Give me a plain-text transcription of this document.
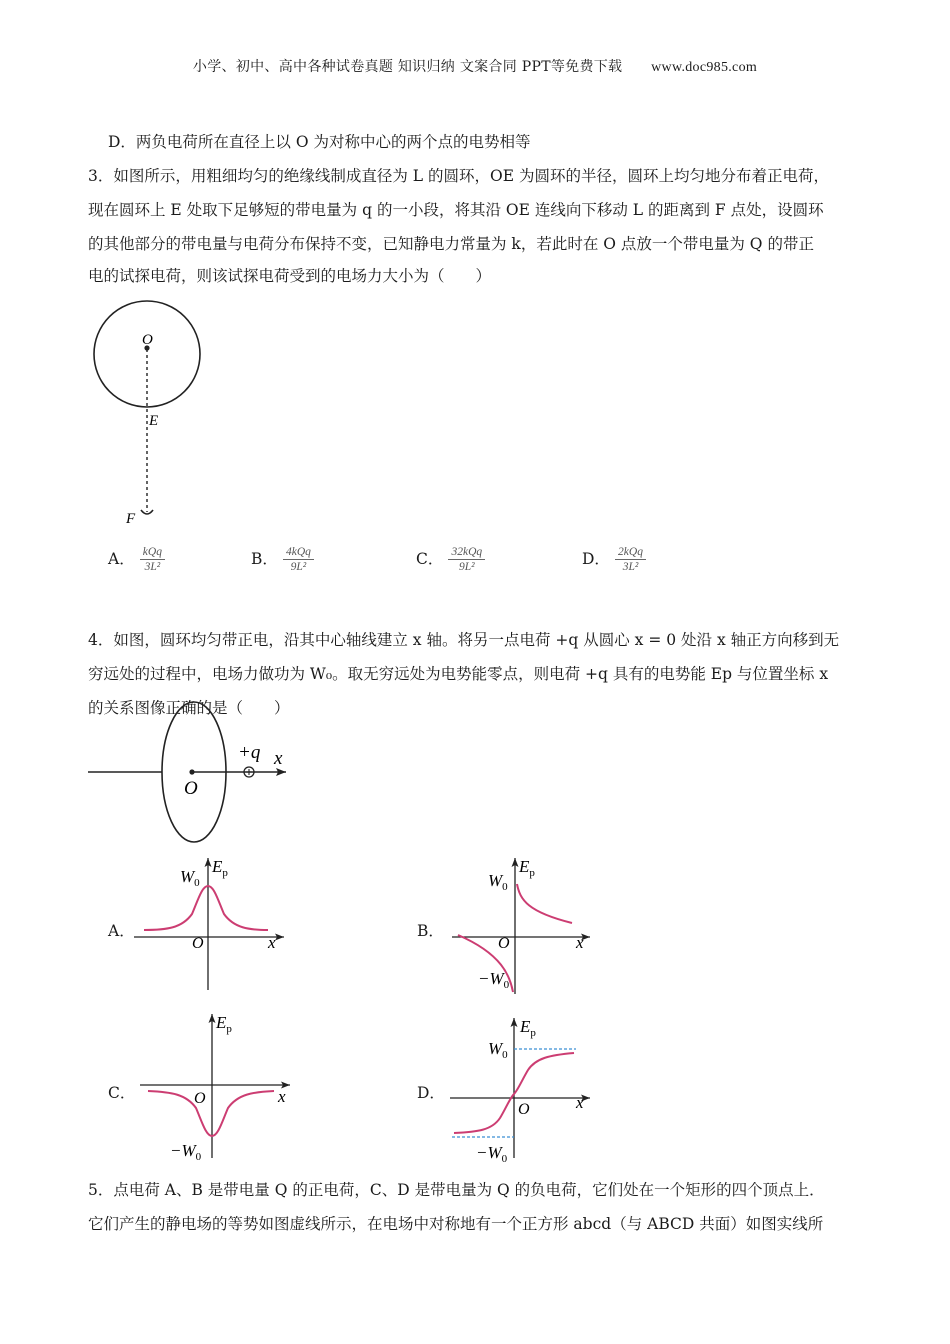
小学、初中、高中各种试卷真题 知识归纳 文案合同 PPT等免费下载 www.doc985.com
D．两负电荷所在直径上以 O 为对称中心的两个点的电势相等
3．如图所示，用粗细均匀的绝缘线制成直径为 L 的圆环，OE 为圆环的半径，圆环上均匀地分布着正电荷，
现在圆环上 E 处取下足够短的带电量为 q 的一小段，将其沿 OE 连线向下移动 L 的距离到 F 点处，设圆环
的其他部分的带电量与电荷分布保持不变，已知静电力常量为 k，若此时在 O 点放一个带电量为 Q 的带正
电的试探电荷，则该试探电荷受到的电场力大小为（　　）
O
E
F
A． $\frac{\text{kQq}}{\text{3L²}}$	B． $\frac{\text{4kQq}}{\text{9L²}}$	C． $\frac{\text{32kQq}}{\text{9L²}}$	D． $\frac{\text{2kQq}}{\text{3L²}}$
4．如图，圆环均匀带正电，沿其中心轴线建立 x 轴。将另一点电荷 +q 从圆心 x = 0 处沿 x 轴正方向移到无
穷远处的过程中，电场力做功为 W₀。取无穷远处为电势能零点，则电荷 +q 具有的电势能 Ep 与位置坐标 x
的关系图像正确的是（　　）
+q x
O
A．	B．
C．	D．
$W_0$
$E_p$
O	x
$W_0$
$E_p$
O	x
$-W_0$
$E_p$
O	x
$-W_0$
$W_0$
$E_p$
O	x
$-W_0$
5．点电荷 A、B 是带电量 Q 的正电荷，C、D 是带电量为 Q 的负电荷，它们处在一个矩形的四个顶点上．
它们产生的静电场的等势如图虚线所示，在电场中对称地有一个正方形 abcd（与 ABCD 共面）如图实线所
